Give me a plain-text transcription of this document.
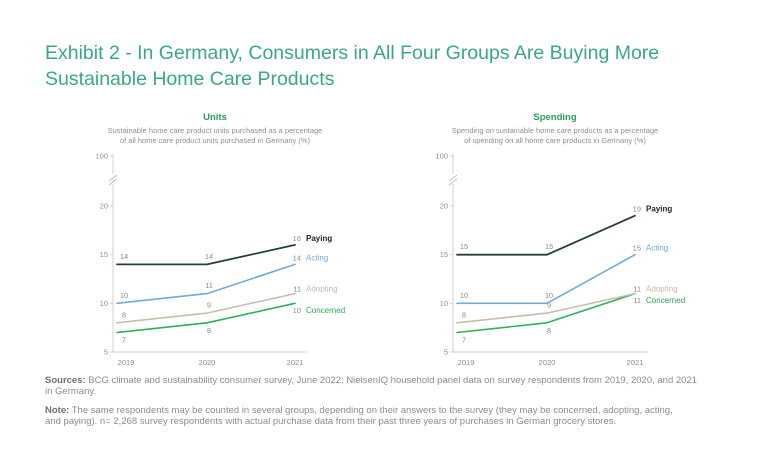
Exhibit 2 - In Germany, Consumers in All Four Groups Are Buying More
Sustainable Home Care Products
Units
Sustainable home care product units purchased as a percentage
of all home care product units purchased in Germany (%)
5
10
15
20
100
2019	2020	2021
14	14
16 Paying
10
11
14 Acting
8
9
11 Adopting
7
8
10 Concerned
Spending
Spending on sustainable home care products as a percentage
of spending on all home care products in Germany (%)
5
10
15
20
100
2019	2020	2021
15	15
19 Paying
10	10
15 Acting
8
9
11 Adopting
7
8
11 Concerned
Sources: BCG climate and sustainability consumer survey, June 2022; NielsenIQ household panel data on survey respondents from 2019, 2020, and 2021
in Germany.
Note: The same respondents may be counted in several groups, depending on their answers to the survey (they may be concerned, adopting, acting,
and paying). n= 2,268 survey respondents with actual purchase data from their past three years of purchases in German grocery stores.
